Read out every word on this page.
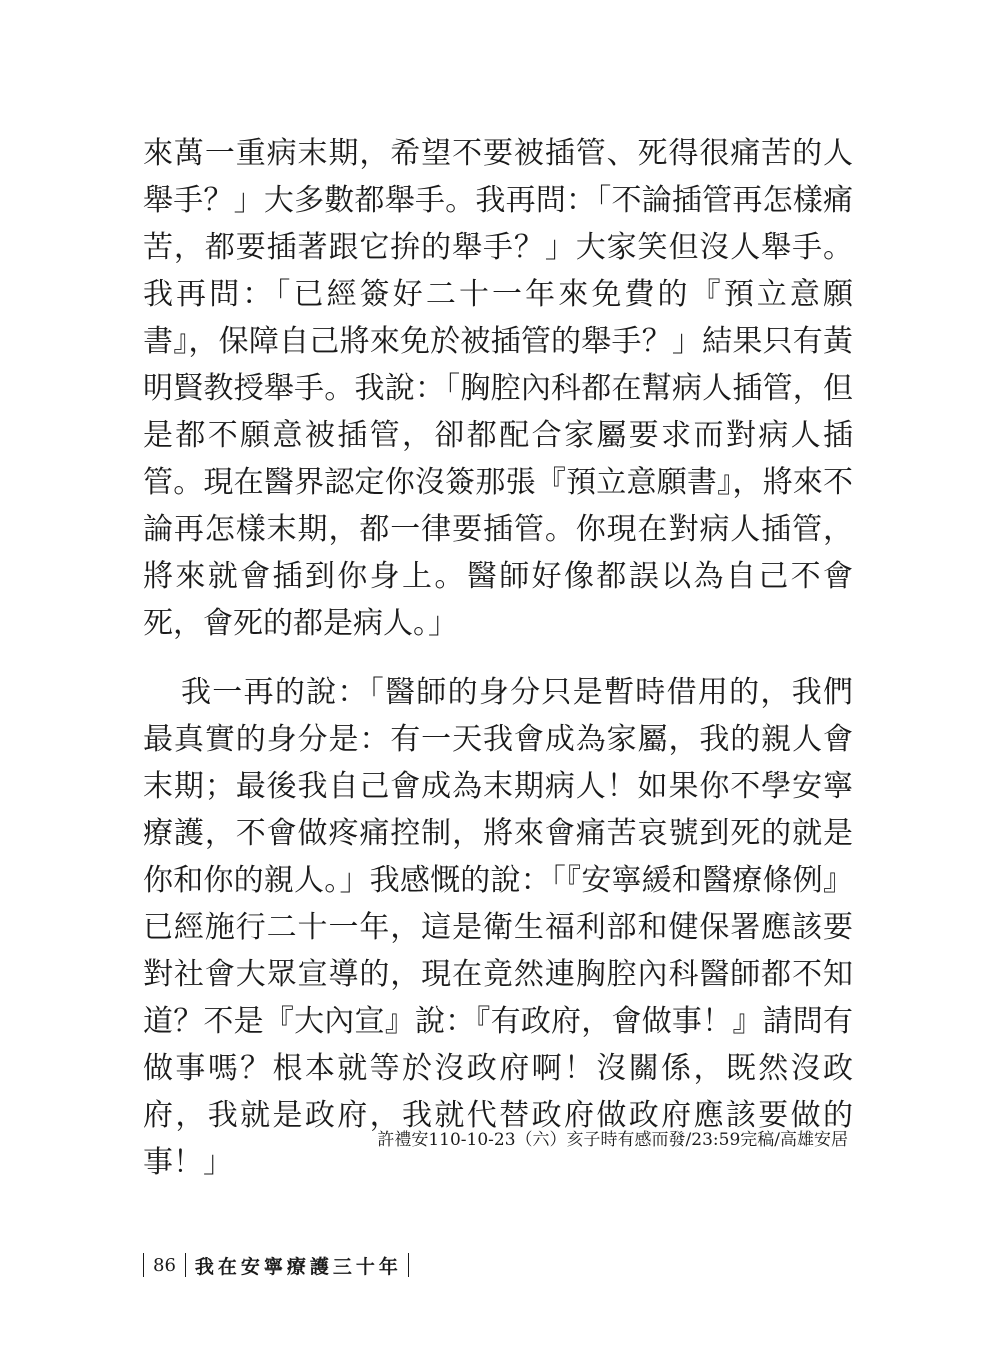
來萬一重病末期，希望不要被插管、死得很痛苦的人舉手？」大多數都舉手。我再問：「不論插管再怎樣痛苦，都要插著跟它拚的舉手？」大家笑但沒人舉手。我再問：「已經簽好二十一年來免費的『預立意願書』，保障自己將來免於被插管的舉手？」結果只有黃明賢教授舉手。我說：「胸腔內科都在幫病人插管，但是都不願意被插管，卻都配合家屬要求而對病人插管。現在醫界認定你沒簽那張『預立意願書』，將來不論再怎樣末期，都一律要插管。你現在對病人插管，將來就會插到你身上。醫師好像都誤以為自己不會死，會死的都是病人。」

我一再的說：「醫師的身分只是暫時借用的，我們最真實的身分是：有一天我會成為家屬，我的親人會末期；最後我自己會成為末期病人！如果你不學安寧療護，不會做疼痛控制，將來會痛苦哀號到死的就是你和你的親人。」我感慨的說：「『安寧緩和醫療條例』已經施行二十一年，這是衛生福利部和健保署應該要對社會大眾宣導的，現在竟然連胸腔內科醫師都不知道？不是『大內宣』說：『有政府，會做事！』請問有做事嗎？根本就等於沒政府啊！沒關係，既然沒政府，我就是政府，我就代替政府做政府應該要做的事！」

許禮安110-10-23（六）亥子時有感而發/23:59完稿/高雄安居
86 我在安寧療護三十年
